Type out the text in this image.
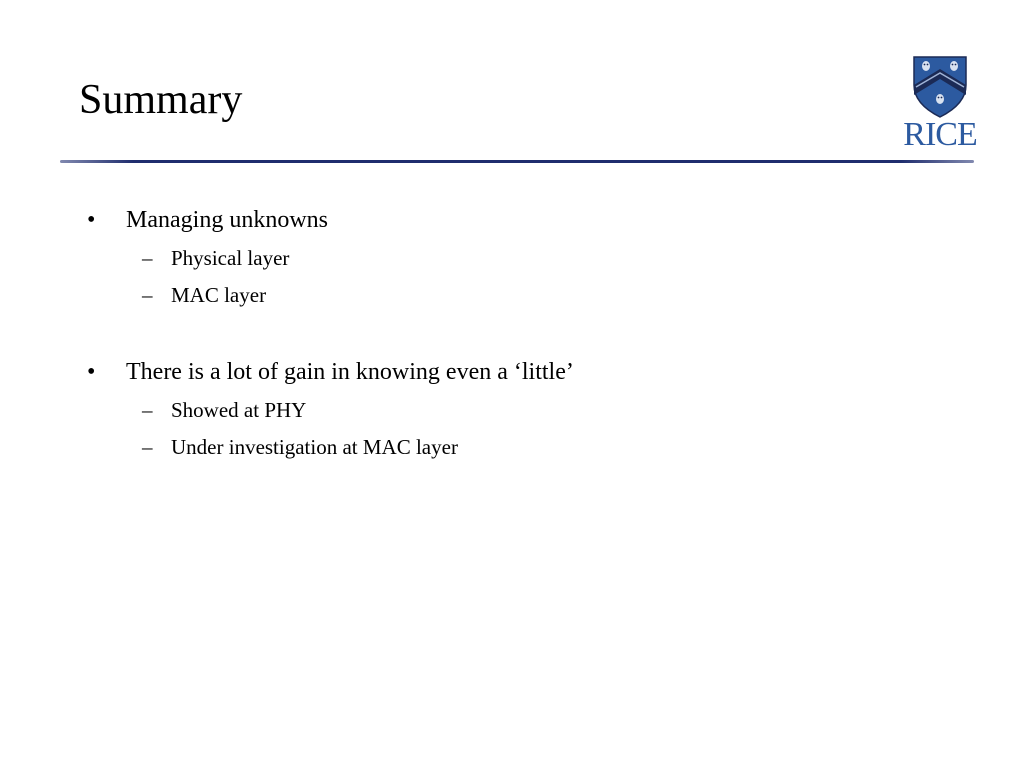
Summary
RICE
• Managing unknowns
– Physical layer
– MAC layer
• There is a lot of gain in knowing even a ‘little’
– Showed at PHY
– Under investigation at MAC layer
